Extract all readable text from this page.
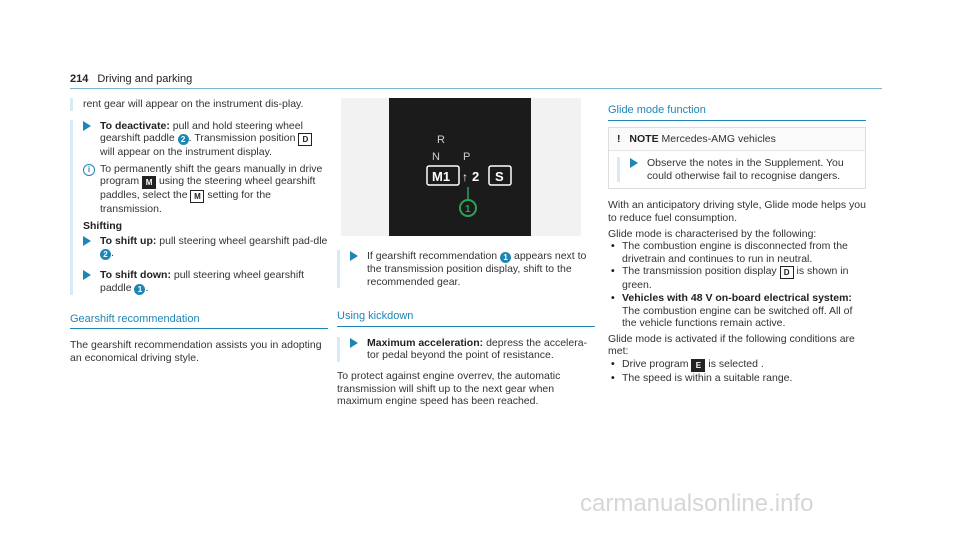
214 Driving and parking

rent gear will appear on the instrument dis-play.

To deactivate: pull and hold steering wheel gearshift paddle 2 . Transmission position D will appear on the instrument display.
i To permanently shift the gears manually in drive program M using the steering wheel gearshift paddles, select the M setting for the transmission.

Shifting

To shift up: pull steering wheel gearshift pad-dle 2 .
To shift down: pull steering wheel gearshift paddle 1 .
Gearshift recommendation

The gearshift recommendation assists you in adopting an economical driving style.

R
N P
M1 ↑ 2 S
1
If gearshift recommendation 1 appears next to the transmission position display, shift to the recommended gear.
Using kickdown
Maximum acceleration: depress the accelera-tor pedal beyond the point of resistance.

To protect against engine overrev, the automatic transmission will shift up to the next gear when maximum engine speed has been reached.

Glide mode function
! NOTE Mercedes-AMG vehicles
Observe the notes in the Supplement. You could otherwise fail to recognise dangers.

With an anticipatory driving style, Glide mode helps you to reduce fuel consumption.

Glide mode is characterised by the following:

• The combustion engine is disconnected from the drivetrain and continues to run in neutral.
• The transmission position display D is shown in green.
• Vehicles with 48 V on-board electrical system: The combustion engine can be switched off. All of the vehicle functions remain active.

Glide mode is activated if the following conditions are met:

• Drive program E is selected .
• The speed is within a suitable range.
carmanualsonline.info
